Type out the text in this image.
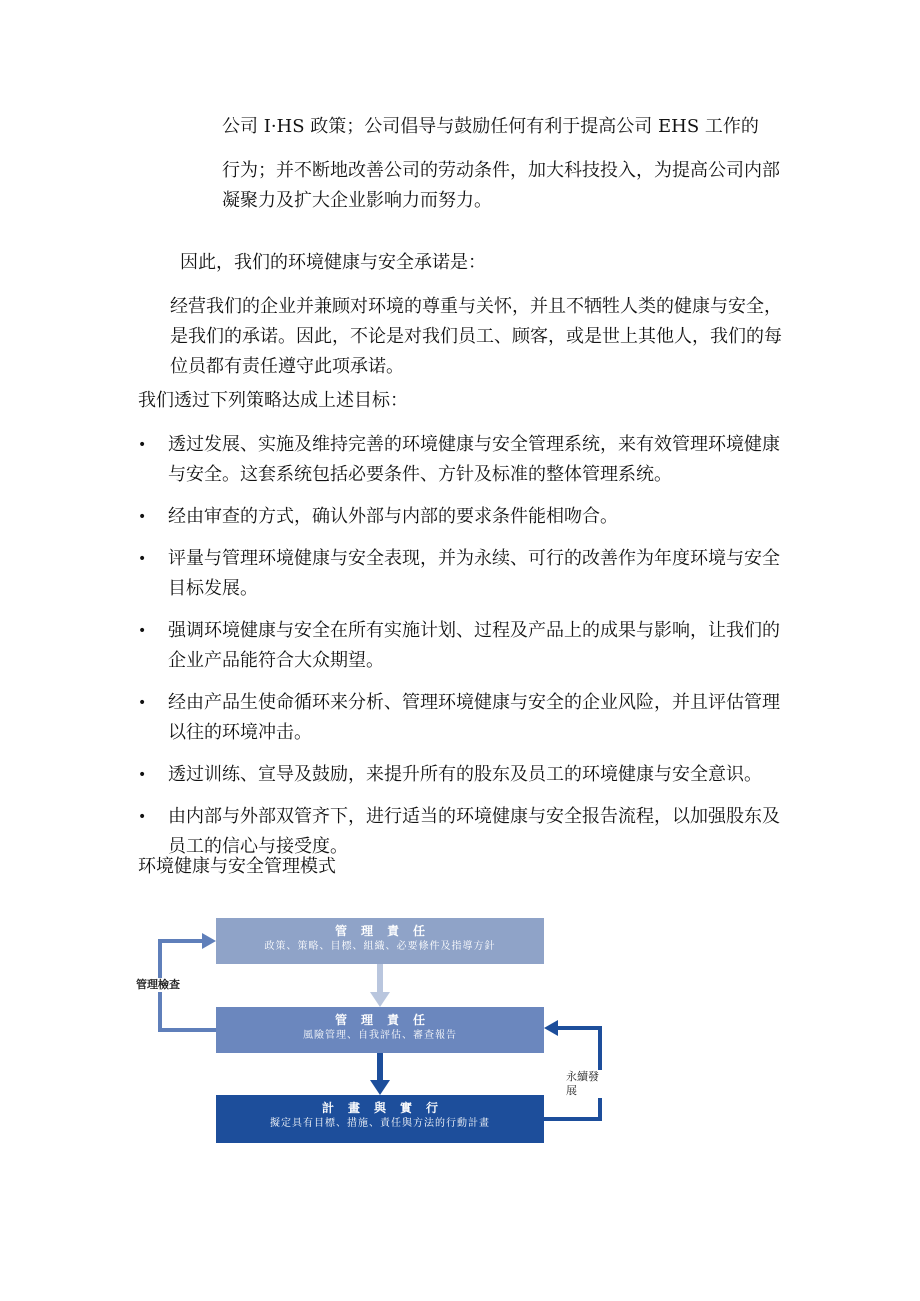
公司 I·HS 政策；公司倡导与鼓励任何有利于提高公司 EHS 工作的

行为；并不断地改善公司的劳动条件，加大科技投入，为提高公司内部凝聚力及扩大企业影响力而努力。

因此，我们的环境健康与安全承诺是：

经营我们的企业并兼顾对环境的尊重与关怀，并且不牺牲人类的健康与安全，是我们的承诺。因此，不论是对我们员工、顾客，或是世上其他人，我们的每位员都有责任遵守此项承诺。

我们透过下列策略达成上述目标：

• 透过发展、实施及维持完善的环境健康与安全管理系统，来有效管理环境健康与安全。这套系统包括必要条件、方针及标准的整体管理系统。
• 经由审查的方式，确认外部与内部的要求条件能相吻合。
• 评量与管理环境健康与安全表现，并为永续、可行的改善作为年度环境与安全目标发展。
• 强调环境健康与安全在所有实施计划、过程及产品上的成果与影响，让我们的企业产品能符合大众期望。
• 经由产品生使命循环来分析、管理环境健康与安全的企业风险，并且评估管理以往的环境冲击。
• 透过训练、宣导及鼓励，来提升所有的股东及员工的环境健康与安全意识。
• 由内部与外部双管齐下，进行适当的环境健康与安全报告流程，以加强股东及员工的信心与接受度。

环境健康与安全管理模式

管理責任
政策、策略、目標、組織、必要條件及指導方針
管理責任
風險管理、自我評估、審查報告
計畫與實行
擬定具有目標、措施、責任與方法的行動計畫
管理檢查
永續發展
